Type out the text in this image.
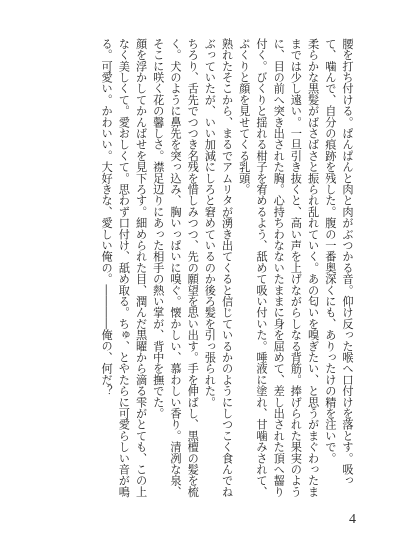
腰を打ち付ける。ぱんぱんと肉と肉がぶつかる音。仰け反った喉へ口付けを落とす。吸って、噛んで、自分の痕跡を残した。腹の一番奥深くにも、ありったけの精を注いで。

柔らかな黒髪がばさばさと振られ乱れていく。あの匂いを嗅ぎたい、と思うがまぐわったままでは少し遠い。一旦引き抜くと、高い声を上げながらしなる背筋。捧げられた果実のように、目の前へ突き出された胸。心持ちわなないたままに身を屈めて、差し出された頂へ齧り付く。びくりと揺れる柑子を宥めるよう、舐めて吸い付いた。唾液に塗れ、甘噛みされて、ぷくりと顔を見せてくる乳頭。

熟れたそこから、まるでアムリタが湧き出てくると信じているかのようにしつこく食んでねぶっていたが、いい加減にしろと窘めているのか後ろ髪を引っ張られた。

ちろり、舌先でつつき名残を惜しみつつ、先の願望を思い出す。手を伸ばし、黒檀の髪を梳く。犬のように鼻先を突っ込み、胸いっぱいに嗅ぐ。懐かしい、慕わしい香り。清冽な泉、そこに咲く花の馨しさ。襟足辺りにあった相手の熱い掌が、背中を撫でた。

顔を浮かしてかんばせを見下ろす。細められた目、潤んだ黒曜から滴る雫がとても、この上なく美しくて。愛おしくて。思わず口付け、舐め取る。ちゅ、とやたらに可愛らしい音が鳴る。可愛い。かわいい。大好きな、愛しい俺の。――――俺の、何だ？

4
